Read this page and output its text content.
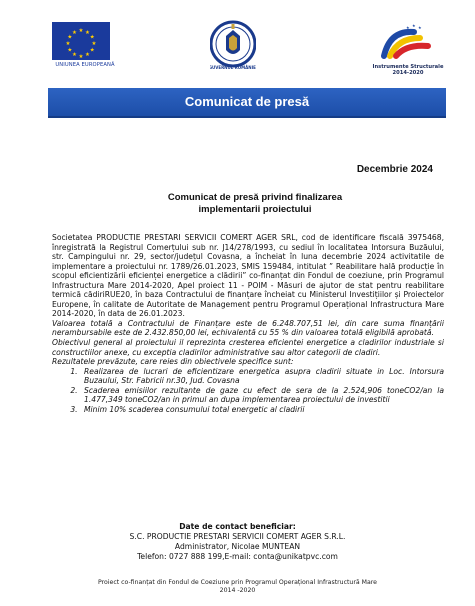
★ ★
★
★
★
★
★
★
★
★
★
★
UNIUNEA EUROPEANĂ	GUVERNUL ROMÂNIEI
★ ★ ★
Instrumente Structurale
2014-2020
Comunicat de presă
Decembrie 2024
Comunicat de presă privind finalizarea implementarii proiectului

Societatea PRODUCTIE PRESTARI SERVICII COMERT AGER SRL, cod de identificare fiscală 3975468, înregistrată la Registrul Comerțului sub nr. J14/278/1993, cu sediul în localitatea Intorsura Buzăului, str. Campingului nr. 29, sector/județul Covasna, a încheiat în luna decembrie 2024 activitatile de implementare a proiectului nr. 1789/26.01.2023, SMIS 159484, intitulat ” Reabilitare hală producție în scopul eficientizării eficienței energetice a clădirii” co-finanțat din Fondul de coeziune, prin Programul Infrastructura Mare 2014-2020, Apel proiect 11 - POIM - Măsuri de ajutor de stat pentru reabilitare termică cădiriRUE20, în baza Contractului de finanțare încheiat cu Ministerul Investițiilor și Proiectelor Europene, în calitate de Autoritate de Management pentru Programul Operațional Infrastructura Mare 2014-2020, în data de 26.01.2023.

Valoarea totală a Contractului de Finanțare este de 6.248.707,51 lei, din care suma finanțării nerambursabile este de 2.432.850,00 lei, echivalentă cu 55 % din valoarea totală eligibilă aprobată.

Obiectivul general al proiectului il reprezinta cresterea eficientei energetice a cladirilor industriale si constructiilor anexe, cu exceptia cladirilor administrative sau altor categorii de cladiri.

Rezultatele prevăzute, care reies din obiectivele specifice sunt:

1. Realizarea de lucrari de eficientizare energetica asupra cladirii situate in Loc. Intorsura Buzaului, Str. Fabricii nr.30, Jud. Covasna
2. Scaderea emisiilor rezultante de gaze cu efect de sera de la 2.524,906 toneCO2/an la 1.477,349 toneCO2/an in primul an dupa implementarea proiectului de investitii
3. Minim 10% scaderea consumului total energetic al cladirii
Date de contact beneficiar:
S.C. PRODUCTIE PRESTARI SERVICII COMERT AGER S.R.L.
Administrator, Nicolae MUNTEAN
Telefon: 0727 888 199,E-mail: conta@unikatpvc.com
Proiect co-finanțat din Fondul de Coeziune prin Programul Operațional Infrastructură Mare
2014 -2020
